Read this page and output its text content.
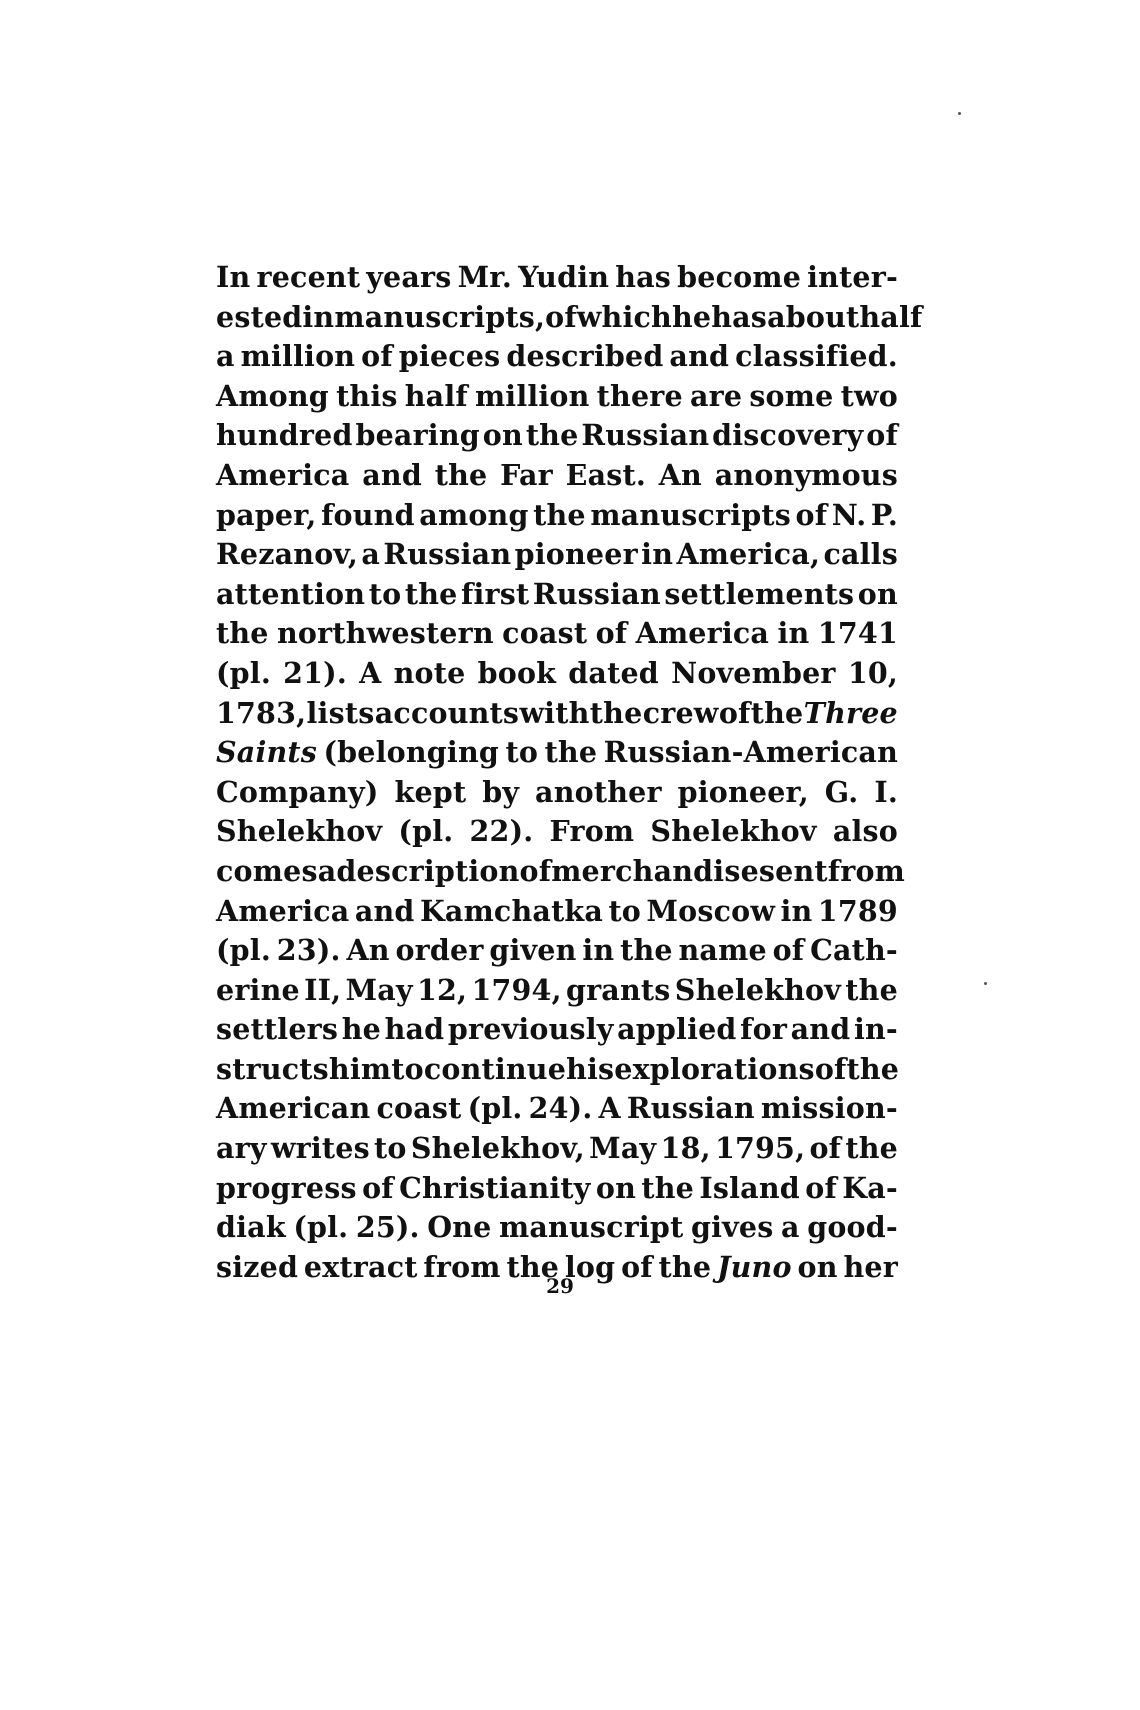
In recent years Mr. Yudin has become inter-
ested in manuscripts, of which he has about half
a million of pieces described and classified.
Among this half million there are some two
hundred bearing on the Russian discovery of
America and the Far East. An anonymous
paper, found among the manuscripts of N. P.
Rezanov, a Russian pioneer in America, calls
attention to the first Russian settlements on
the northwestern coast of America in 1741
(pl. 21). A note book dated November 10,
1783, lists accounts with the crew of the Three
Saints (belonging to the Russian-American
Company) kept by another pioneer, G. I.
Shelekhov (pl. 22). From Shelekhov also
comes a description of merchandise sent from
America and Kamchatka to Moscow in 1789
(pl. 23). An order given in the name of Cath-
erine II, May 12, 1794, grants Shelekhov the
settlers he had previously applied for and in-
structs him to continue his explorations of the
American coast (pl. 24). A Russian mission-
ary writes to Shelekhov, May 18, 1795, of the
progress of Christianity on the Island of Ka-
diak (pl. 25). One manuscript gives a good-
sized extract from the log of the Juno on her
29
